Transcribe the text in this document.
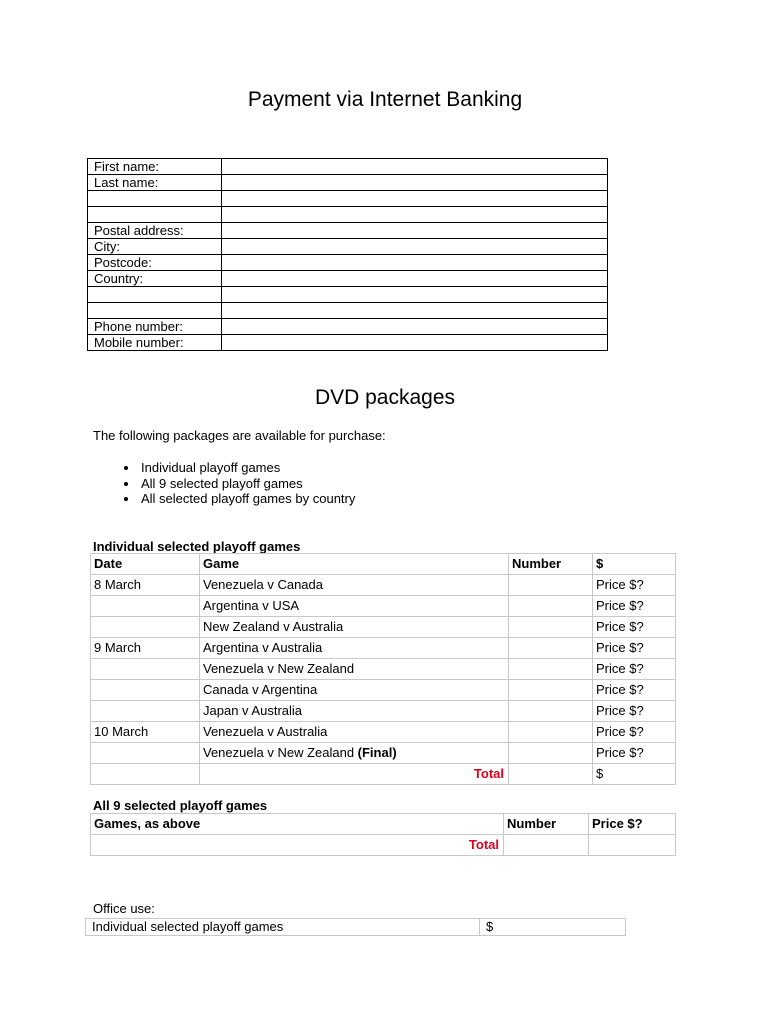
Payment via Internet Banking
First name:	
Last name:	

Postal address:	
City:	
Postcode:	
Country:	

Phone number:	
Mobile number:	
DVD packages
The following packages are available for purchase:
• Individual playoff games
• All 9 selected playoff games
• All selected playoff games by country
Individual selected playoff games
Date	Game	Number	$
8 March	Venezuela v Canada		Price $?
	Argentina v USA		Price $?
	New Zealand v Australia		Price $?
9 March	Argentina v Australia		Price $?
	Venezuela v New Zealand		Price $?
	Canada v Argentina		Price $?
	Japan v Australia		Price $?
10 March	Venezuela v Australia		Price $?
	Venezuela v New Zealand (Final)		Price $?
	Total		$
All 9 selected playoff games
Games, as above	Number	Price $?
Total		
Office use:
Individual selected playoff games	$
